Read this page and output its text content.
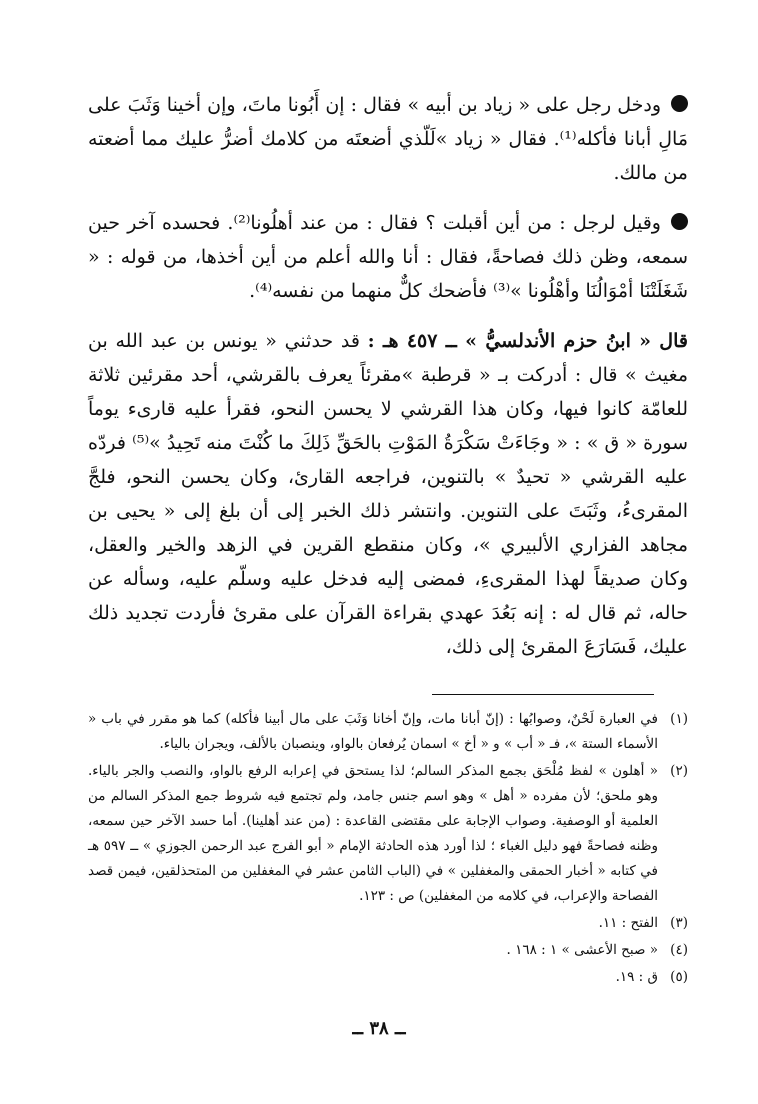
ودخل رجل على « زياد بن أبيه » فقال : إن أَبُونا ماتَ، وإن أخينا وَثَبَ على مَالِ أبانا فأكله⁽¹⁾. فقال « زياد »لَلّذي أضعتَه من كلامك أضرُّ عليك مما أضعته من مالك.

وقيل لرجل : من أين أقبلت ؟ فقال : من عند أهلُونا⁽²⁾. فحسده آخر حين سمعه، وظن ذلك فصاحةً، فقال : أنا والله أعلم من أين أخذها، من قوله : « شَغَلَتْنَا أمْوَالُنَا وأهْلُونا »⁽³⁾ فأضحك كلٌّ منهما من نفسه⁽⁴⁾.

قال « ابنُ حزم الأندلسيُّ » ــ ٤٥٧ هـ : قد حدثني « يونس بن عبد الله بن مغيث » قال : أدركت بـ « قرطبة »مقرئاً يعرف بالقرشي، أحد مقرئين ثلاثة للعامّة كانوا فيها، وكان هذا القرشي لا يحسن النحو، فقرأ عليه قارىء يوماً سورة « ق » : « وجَاءَتْ سَكْرَةُ المَوْتِ بالحَقِّ ذَلِكَ ما كُنْتَ منه تَحِيدُ »⁽⁵⁾ فردّه عليه القرشي « تحيدٌ » بالتنوين، فراجعه القارئ، وكان يحسن النحو، فلجَّ المقرىءُ، وثَبَتَ على التنوين. وانتشر ذلك الخبر إلى أن بلغ إلى « يحيى بن مجاهد الفزاري الألبيري »، وكان منقطع القرين في الزهد والخير والعقل، وكان صديقاً لهذا المقرىءِ، فمضى إليه فدخل عليه وسلّم عليه، وسأله عن حاله، ثم قال له : إنه بَعُدَ عهدي بقراءة القرآن على مقرئ فأردت تجديد ذلك عليك، فَسَارَعَ المقرئ إلى ذلك،

(١)
في العبارة لَحْنٌ، وصوابُها : (إنّ أبانا مات، وإنّ أخانا وَثَبَ على مال أبينا فأكله) كما هو مقرر في باب « الأسماء الستة »، فـ « أب » و « أخ » اسمان يُرفعان بالواو، وينصبان بالألف، ويجران بالياء.
(٢)
« أهلون » لفظ مُلْحَق بجمع المذكر السالم؛ لذا يستحق في إعرابه الرفع بالواو، والنصب والجر بالياء. وهو ملحق؛ لأن مفرده « أهل » وهو اسم جنس جامد، ولم تجتمع فيه شروط جمع المذكر السالم من العلمية أو الوصفية. وصواب الإجابة على مقتضى القاعدة : (من عند أهلينا). أما حسد الآخر حين سمعه، وظنه فصاحةً فهو دليل الغباء ؛ لذا أورد هذه الحادثة الإمام « أبو الفرج عبد الرحمن الجوزي » ــ ٥٩٧ هـ في كتابه « أخبار الحمقى والمغفلين » في (الباب الثامن عشر في المغفلين من المتحذلقين، فيمن قصد الفصاحة والإعراب، في كلامه من المغفلين) ص : ١٢٣.
(٣)
الفتح : ١١.
(٤)
« صبح الأعشى » ١ : ١٦٨ .
(٥)
ق : ١٩.
ــ ٣٨ ــ
